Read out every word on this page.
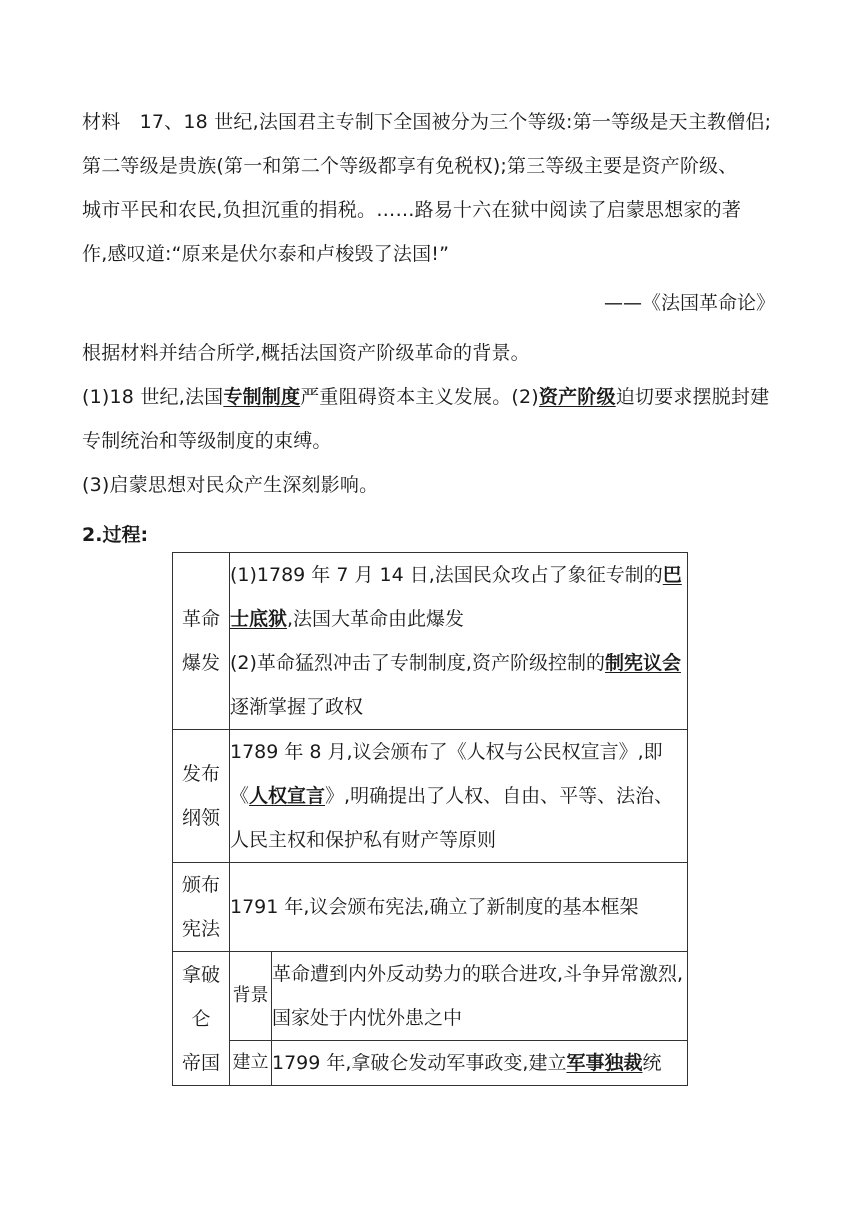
材料　17、18 世纪,法国君主专制下全国被分为三个等级:第一等级是天主教僧侣;
第二等级是贵族(第一和第二个等级都享有免税权);第三等级主要是资产阶级、
城市平民和农民,负担沉重的捐税。……路易十六在狱中阅读了启蒙思想家的著
作,感叹道:“原来是伏尔泰和卢梭毁了法国!”
——《法国革命论》
根据材料并结合所学,概括法国资产阶级革命的背景。
(1)18 世纪,法国专制制度严重阻碍资本主义发展。(2)资产阶级迫切要求摆脱封建
专制统治和等级制度的束缚。
(3)启蒙思想对民众产生深刻影响。
2.过程:
革命
爆发	(1)1789 年 7 月 14 日,法国民众攻占了象征专制的巴士底狱,法国大革命由此爆发
(2)革命猛烈冲击了专制制度,资产阶级控制的制宪议会逐渐掌握了政权	
发布
纲领	1789 年 8 月,议会颁布了《人权与公民权宣言》,即《人权宣言》,明确提出了人权、自由、平等、法治、人民主权和保护私有财产等原则	
颁布
宪法	1791 年,议会颁布宪法,确立了新制度的基本框架	
拿破
仑
帝国	背景	革命遭到内外反动势力的联合进攻,斗争异常激烈,国家处于内忧外患之中
	建立	1799 年,拿破仑发动军事政变,建立军事独裁统
